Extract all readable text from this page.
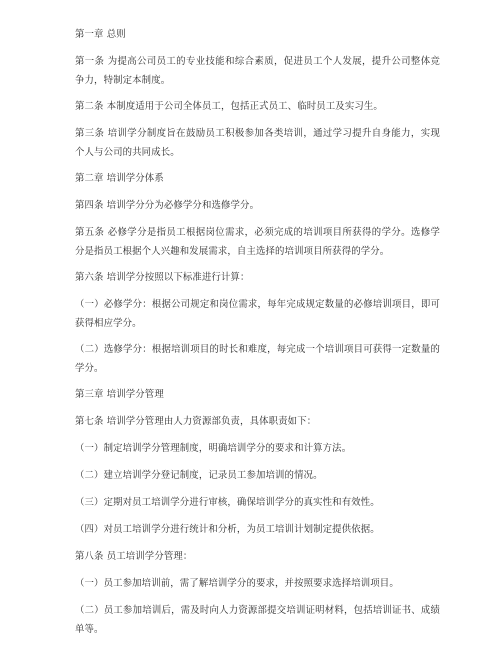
第一章 总则

第一条 为提高公司员工的专业技能和综合素质，促进员工个人发展，提升公司整体竞争力，特制定本制度。

第二条 本制度适用于公司全体员工，包括正式员工、临时员工及实习生。

第三条 培训学分制度旨在鼓励员工积极参加各类培训，通过学习提升自身能力，实现个人与公司的共同成长。

第二章 培训学分体系

第四条 培训学分分为必修学分和选修学分。

第五条 必修学分是指员工根据岗位需求，必须完成的培训项目所获得的学分。选修学分是指员工根据个人兴趣和发展需求，自主选择的培训项目所获得的学分。

第六条 培训学分按照以下标准进行计算：

（一）必修学分：根据公司规定和岗位需求，每年完成规定数量的必修培训项目，即可获得相应学分。

（二）选修学分：根据培训项目的时长和难度，每完成一个培训项目可获得一定数量的学分。

第三章 培训学分管理

第七条 培训学分管理由人力资源部负责，具体职责如下：

（一）制定培训学分管理制度，明确培训学分的要求和计算方法。

（二）建立培训学分登记制度，记录员工参加培训的情况。

（三）定期对员工培训学分进行审核，确保培训学分的真实性和有效性。

（四）对员工培训学分进行统计和分析，为员工培训计划制定提供依据。

第八条 员工培训学分管理：

（一）员工参加培训前，需了解培训学分的要求，并按照要求选择培训项目。

（二）员工参加培训后，需及时向人力资源部提交培训证明材料，包括培训证书、成绩单等。
